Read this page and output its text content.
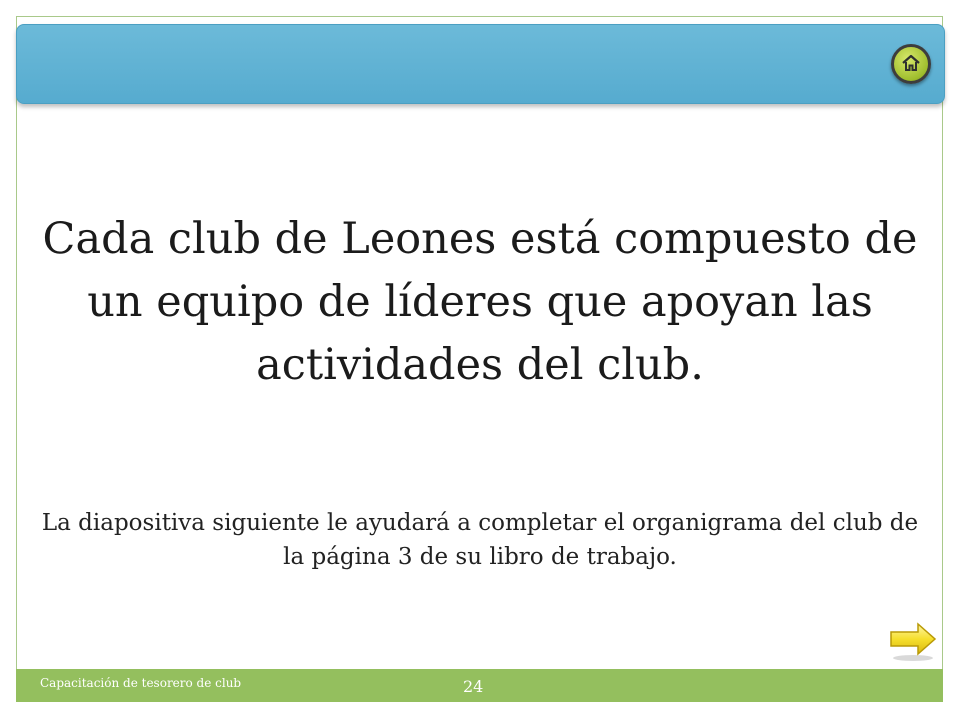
Cada club de Leones está compuesto de un equipo de líderes que apoyan las actividades del club.
La diapositiva siguiente le ayudará a completar el organigrama del club de la página 3 de su libro de trabajo.
Capacitación de tesorero de club	24
